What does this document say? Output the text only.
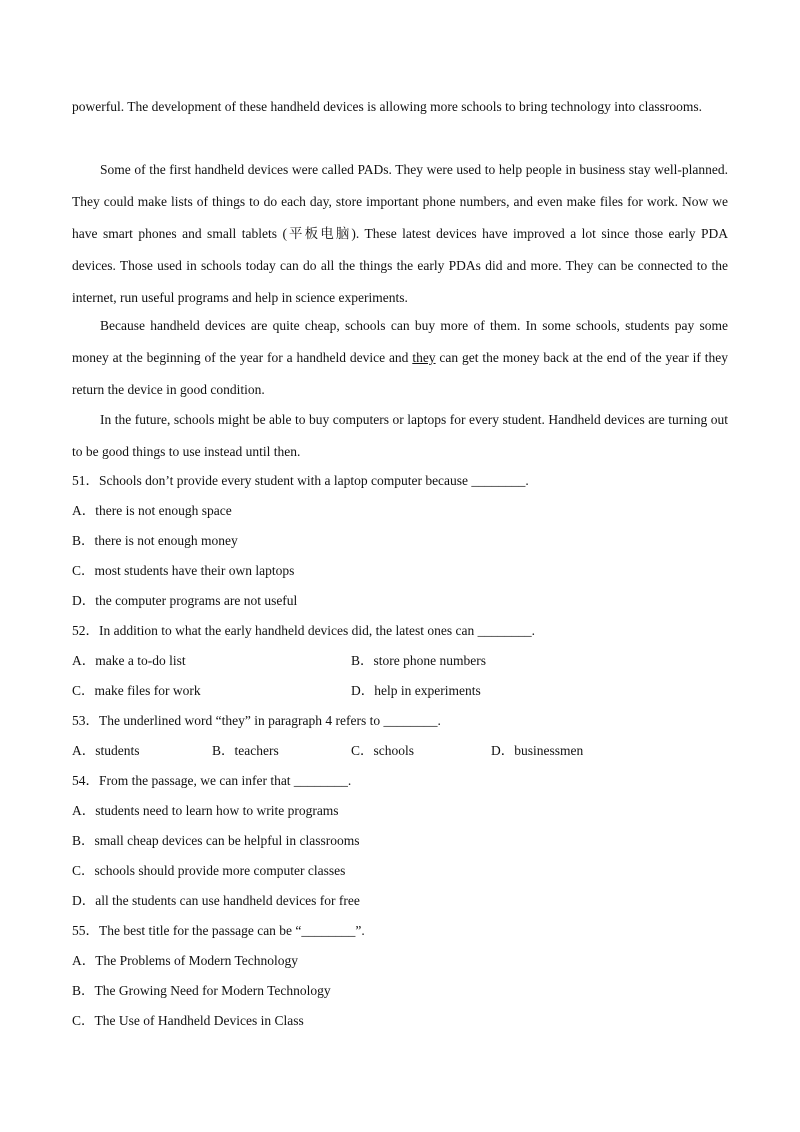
powerful. The development of these handheld devices is allowing more schools to bring technology into classrooms.

Some of the first handheld devices were called PADs. They were used to help people in business stay well-planned. They could make lists of things to do each day, store important phone numbers, and even make files for work. Now we have smart phones and small tablets (平板电脑). These latest devices have improved a lot since those early PDA devices. Those used in schools today can do all the things the early PDAs did and more. They can be connected to the internet, run useful programs and help in science experiments.

Because handheld devices are quite cheap, schools can buy more of them. In some schools, students pay some money at the beginning of the year for a handheld device and they can get the money back at the end of the year if they return the device in good condition.

In the future, schools might be able to buy computers or laptops for every student. Handheld devices are turning out to be good things to use instead until then.

51．Schools don’t provide every student with a laptop computer because ________.
A．there is not enough space
B．there is not enough money
C．most students have their own laptops
D．the computer programs are not useful
52．In addition to what the early handheld devices did, the latest ones can ________.
A．make a to-do list	B．store phone numbers
C．make files for work	D．help in experiments
53．The underlined word “they” in paragraph 4 refers to ________.
A．students	B．teachers	C．schools	D．businessmen
54．From the passage, we can infer that ________.
A．students need to learn how to write programs
B．small cheap devices can be helpful in classrooms
C．schools should provide more computer classes
D．all the students can use handheld devices for free
55．The best title for the passage can be “________”.
A．The Problems of Modern Technology
B．The Growing Need for Modern Technology
C．The Use of Handheld Devices in Class
